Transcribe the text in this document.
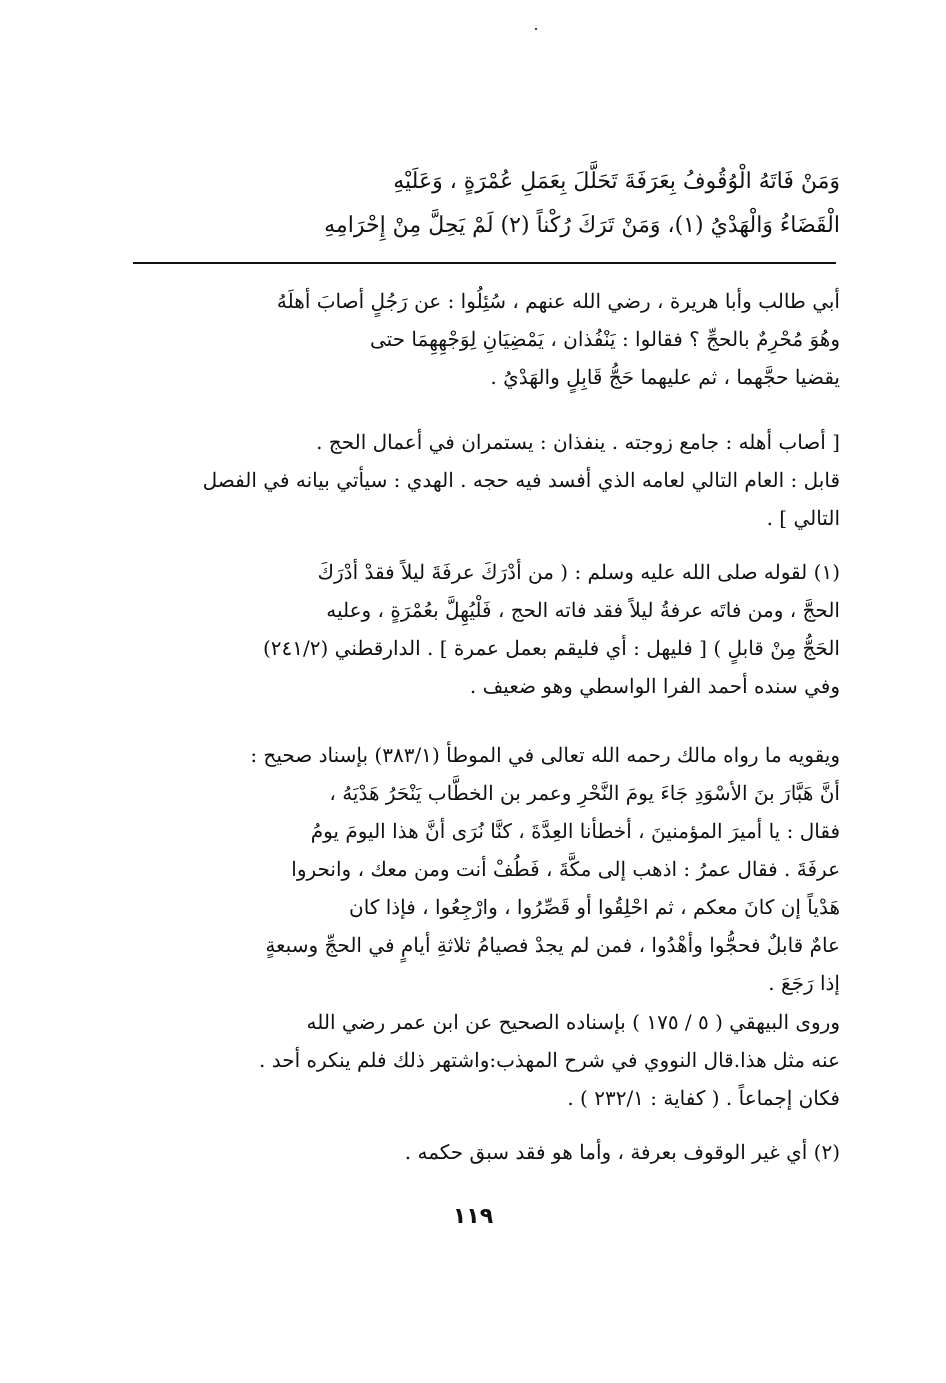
وَمَنْ فَاتَهُ الْوُقُوفُ بِعَرَفَةَ تَحَلَّلَ بِعَمَلِ عُمْرَةٍ ، وَعَلَيْهِ
الْقَضَاءُ وَالْهَدْيُ (١)، وَمَنْ تَرَكَ رُكْناً (٢) لَمْ يَحِلَّ مِنْ إِحْرَامِهِ
أبي طالب وأبا هريرة ، رضي الله عنهم ، سُئِلُوا : عن رَجُلٍ أصابَ أهلَهُ
وهُوَ مُحْرِمٌ بالحجِّ ؟ فقالوا : يَنْفُذان ، يَمْضِيَانِ لِوَجْهِهِمَا حتى
يقضيا حجَّهما ، ثم عليهما حَجُّ قَابِلٍ والهَدْيُ .
[ أصاب أهله : جامع زوجته . ينفذان : يستمران في أعمال الحج .
قابل : العام التالي لعامه الذي أفسد فيه حجه . الهدي : سيأتي بيانه في الفصل
التالي ] .
(١) لقوله صلى الله عليه وسلم : ( من أدْرَكَ عرفَةَ ليلاً فقدْ أدْرَكَ
الحجَّ ، ومن فاتَه عرفةُ ليلاً فقد فاته الحج ، فَلْيُهِلَّ بعُمْرَةٍ ، وعليه
الحَجُّ مِنْ قابلٍ ) [ فليهل : أي فليقم بعمل عمرة ] . الدارقطني (٢٤١/٢)
وفي سنده أحمد الفرا الواسطي وهو ضعيف .
ويقويه ما رواه مالك رحمه الله تعالى في الموطأ (٣٨٣/١) بإسناد صحيح :
أنَّ هَبَّارَ بنَ الأسْوَدِ جَاءَ يومَ النَّحْرِ وعمر بن الخطَّاب يَنْحَرُ هَدْيَهُ ،
فقال : يا أميرَ المؤمنينَ ، أخطأنا العِدَّةَ ، كنَّا نُرَى أنَّ هذا اليومَ يومُ
عرفَةَ . فقال عمرُ : اذهب إلى مكَّةَ ، فَطُفْ أنت ومن معك ، وانحروا
هَدْياً إن كانَ معكم ، ثم احْلِقُوا أو قَصِّرُوا ، وارْجِعُوا ، فإذا كان
عامٌ قابلٌ فحجُّوا وأهْدُوا ، فمن لم يجدْ فصيامُ ثلاثةِ أيامٍ في الحجِّ وسبعةٍ
إذا رَجَعَ .
وروى البيهقي ( ٥ / ١٧٥ ) بإسناده الصحيح عن ابن عمر رضي الله
عنه مثل هذا.قال النووي في شرح المهذب:واشتهر ذلك فلم ينكره أحد .
فكان إجماعاً . ( كفاية : ٢٣٢/١ ) .
(٢) أي غير الوقوف بعرفة ، وأما هو فقد سبق حكمه .
١١٩
